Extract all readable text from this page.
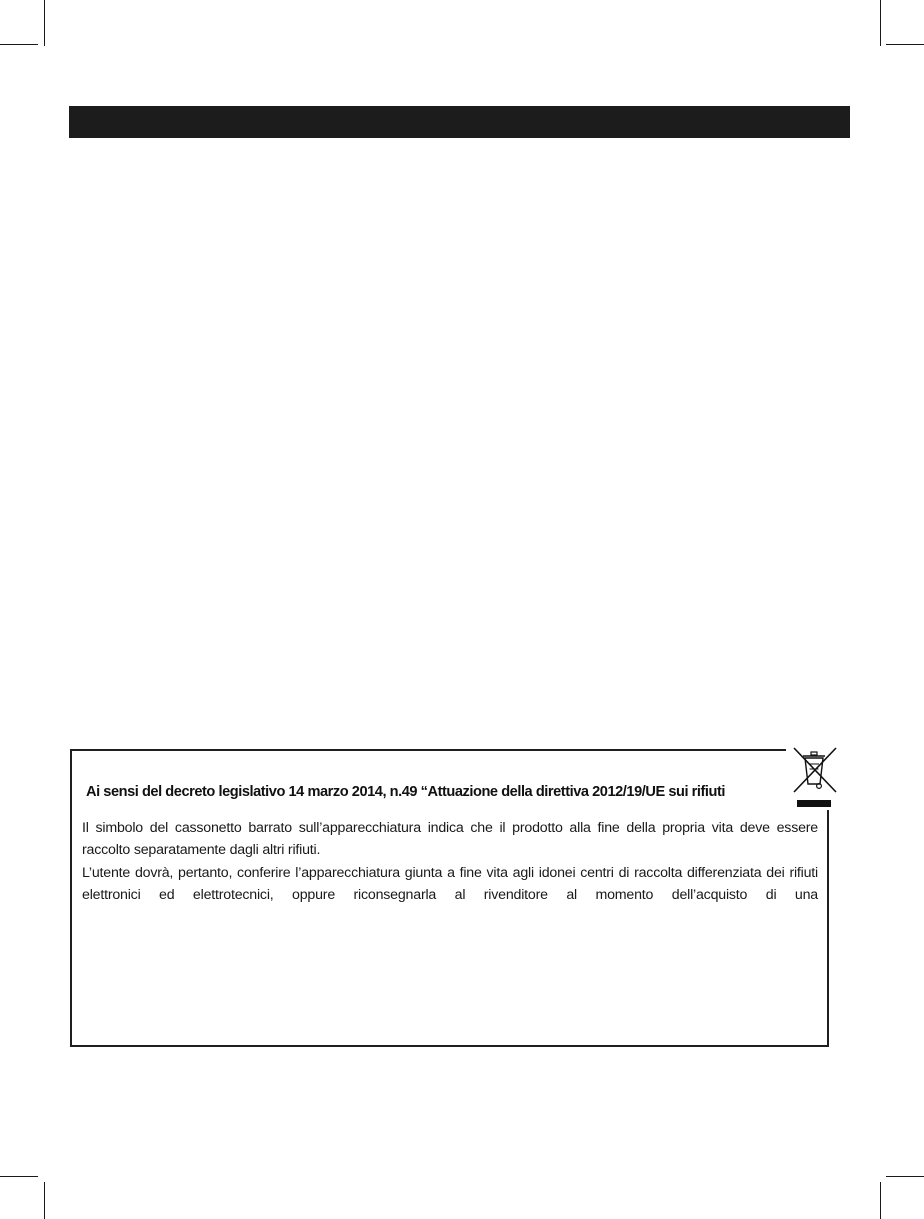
Ai sensi del decreto legislativo 14 marzo 2014, n.49 “Attuazione della direttiva 2012/19/UE sui rifiuti

Il simbolo del cassonetto barrato sull’apparecchiatura indica che il prodotto alla fine della propria vita deve essere raccolto separatamente dagli altri rifiuti.

L’utente dovrà, pertanto, conferire l’apparecchiatura giunta a fine vita agli idonei centri di raccolta differenziata dei rifiuti elettronici ed elettrotecnici, oppure riconsegnarla al rivenditore al momento dell’acquisto di una
